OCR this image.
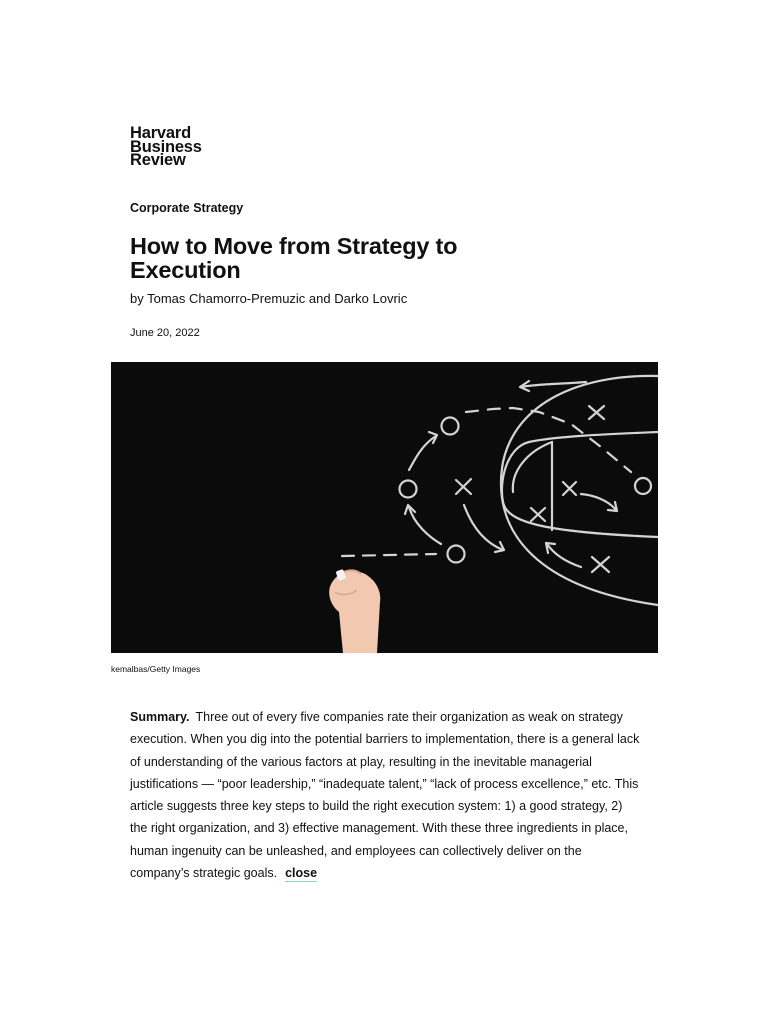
Harvard
Business
Review
Corporate Strategy
How to Move from Strategy to Execution
by Tomas Chamorro-Premuzic and Darko Lovric
June 20, 2022
kemalbas/Getty Images

Summary. Three out of every five companies rate their organization as weak on strategy execution. When you dig into the potential barriers to implementation, there is a general lack of understanding of the various factors at play, resulting in the inevitable managerial justifications — “poor leadership,” “inadequate talent,” “lack of process excellence,” etc. This article suggests three key steps to build the right execution system: 1) a good strategy, 2) the right organization, and 3) effective management. With these three ingredients in place, human ingenuity can be unleashed, and employees can collectively deliver on the company’s strategic goals. close
